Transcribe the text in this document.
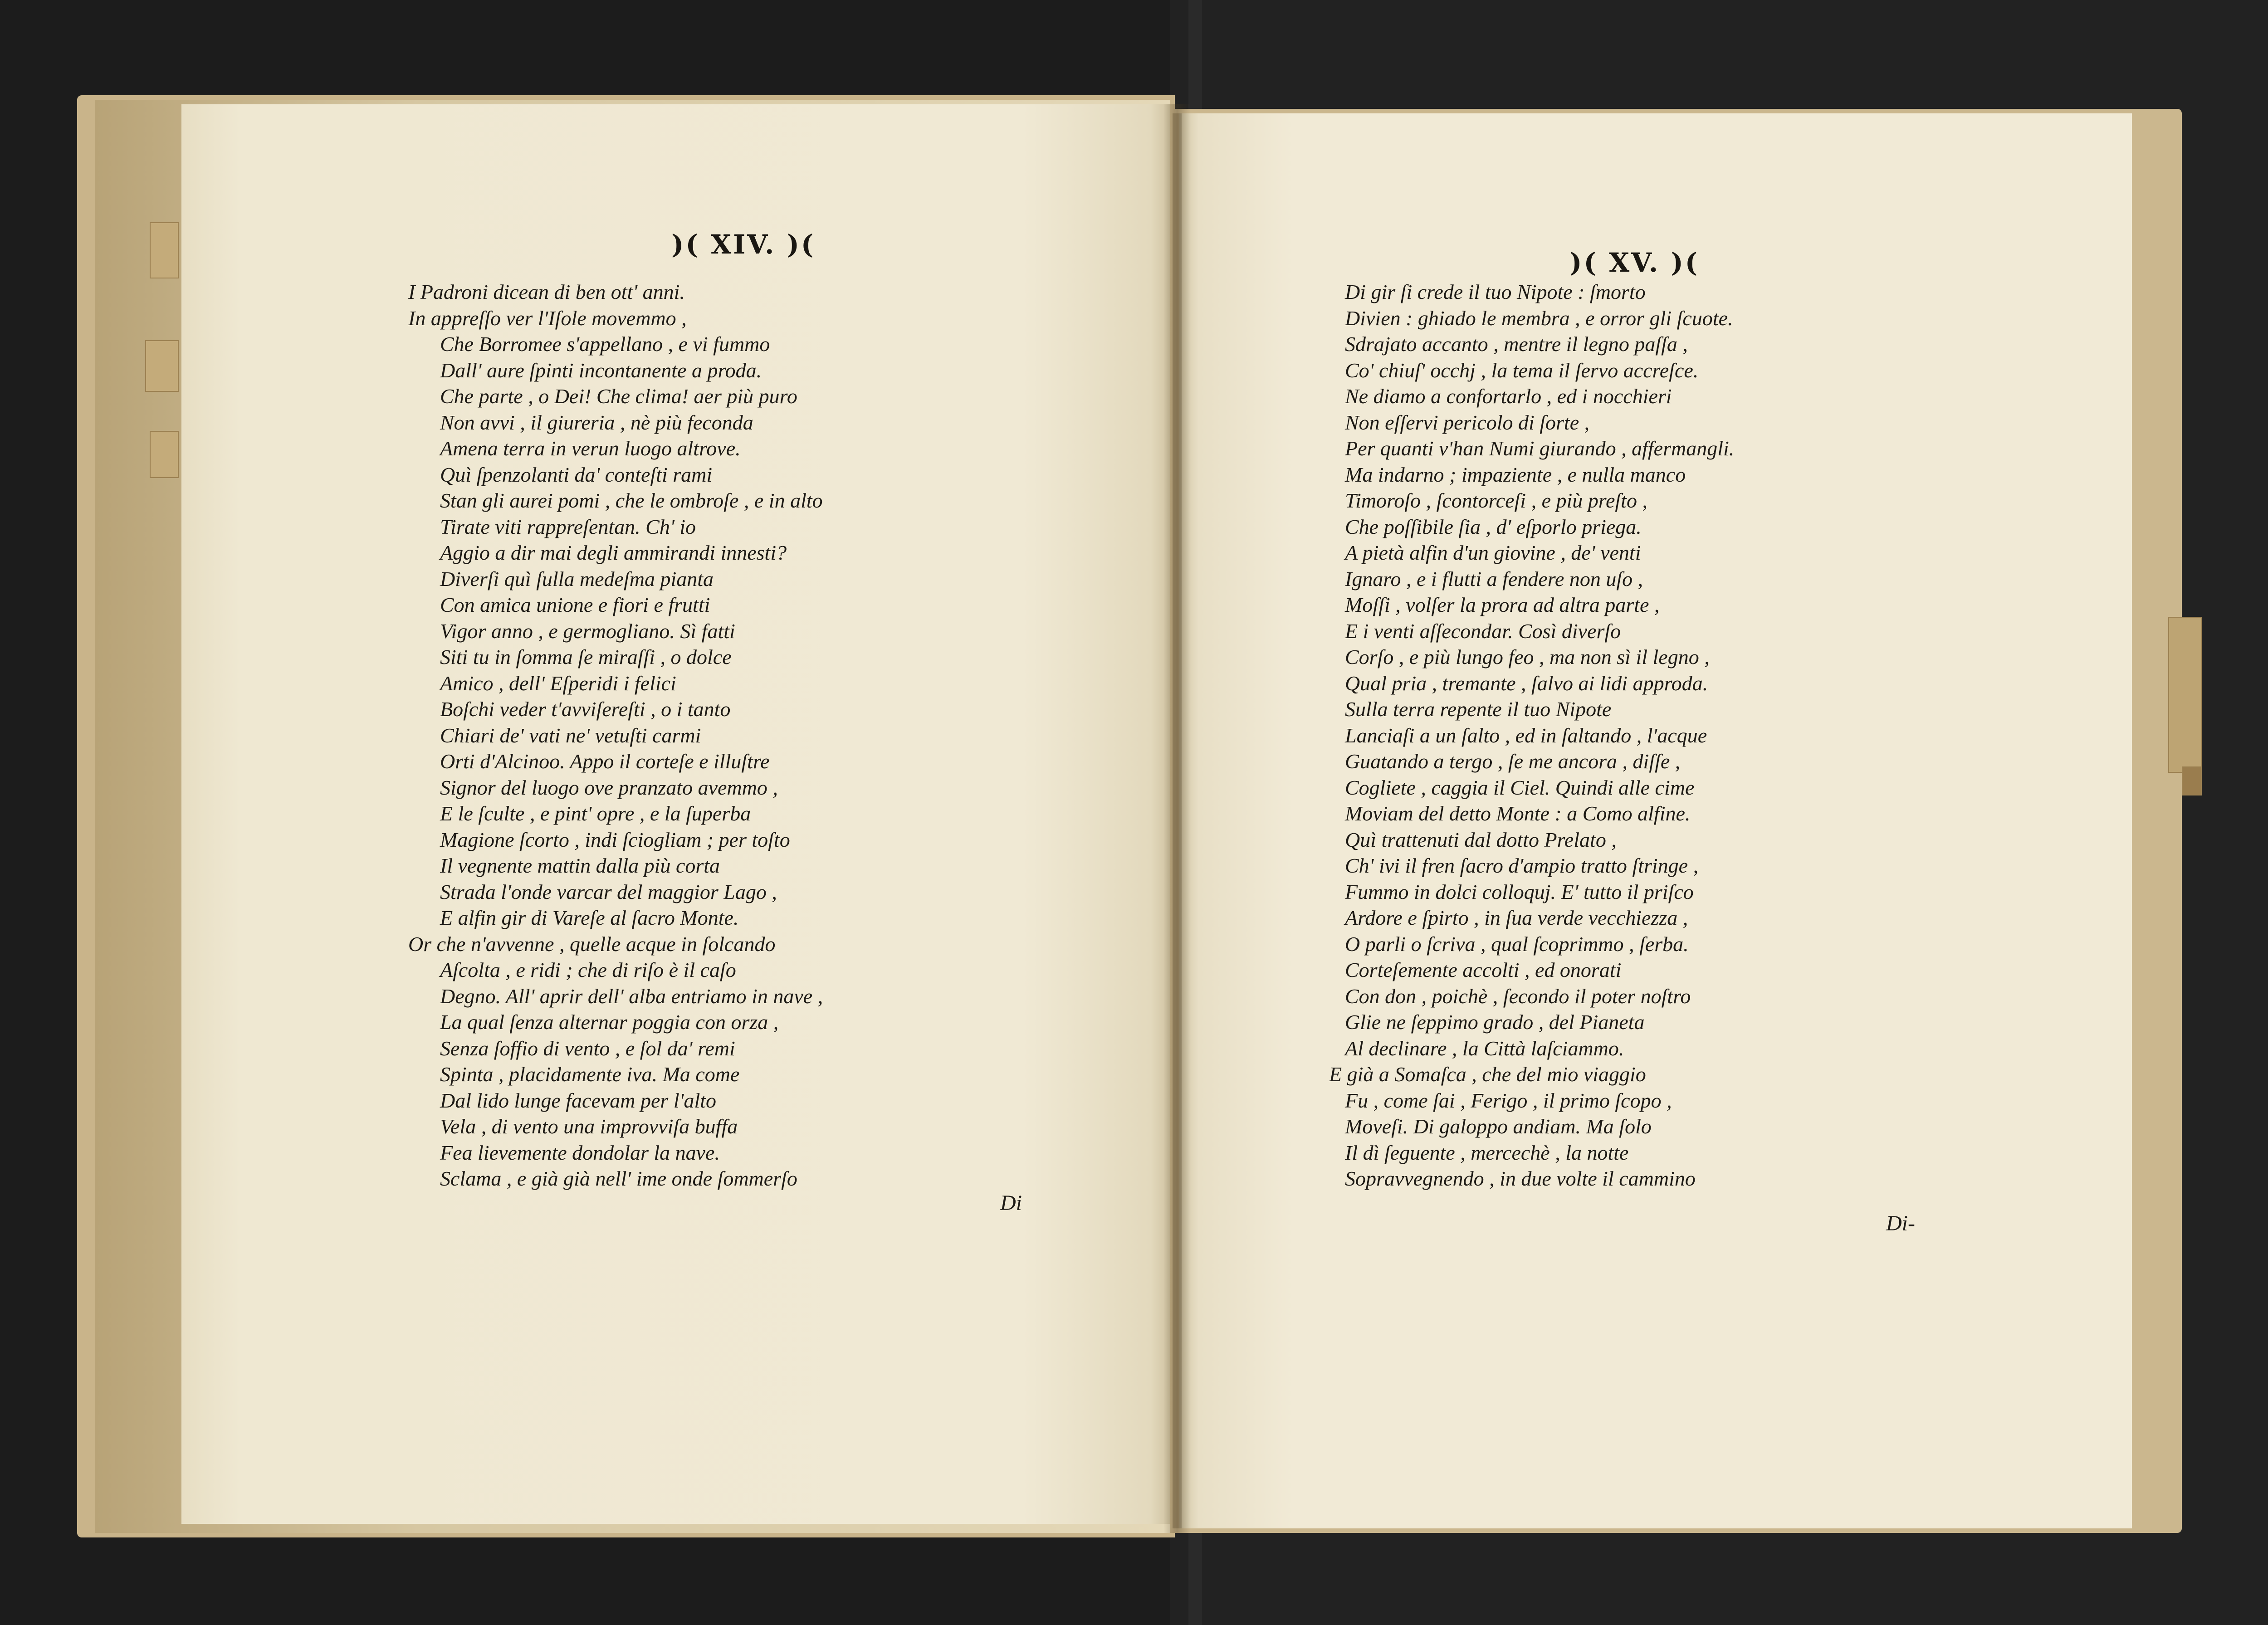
)( XIV. )(
)( XV. )(
I Padroni dicean di ben ott' anni.
In appreſſo ver l'Iſole movemmo ,
Che Borromee s'appellano , e vi fummo
Dall' aure ſpinti incontanente a proda.
Che parte , o Dei! Che clima! aer più puro
Non avvi , il giureria , nè più feconda
Amena terra in verun luogo altrove.
Quì ſpenzolanti da' conteſti rami
Stan gli aurei pomi , che le ombroſe , e in alto
Tirate viti rappreſentan. Ch' io
Aggio a dir mai degli ammirandi innesti?
Diverſi quì ſulla medeſma pianta
Con amica unione e fiori e frutti
Vigor anno , e germogliano. Sì fatti
Siti tu in ſomma ſe miraſſi , o dolce
Amico , dell' Eſperidi i felici
Boſchi veder t'avviſereſti , o i tanto
Chiari de' vati ne' vetuſti carmi
Orti d'Alcinoo. Appo il corteſe e illuſtre
Signor del luogo ove pranzato avemmo ,
E le ſculte , e pint' opre , e la ſuperba
Magione ſcorto , indi ſciogliam ; per toſto
Il vegnente mattin dalla più corta
Strada l'onde varcar del maggior Lago ,
E alfin gir di Vareſe al ſacro Monte.
Or che n'avvenne , quelle acque in ſolcando
Aſcolta , e ridi ; che di riſo è il caſo
Degno. All' aprir dell' alba entriamo in nave ,
La qual ſenza alternar poggia con orza ,
Senza ſoffio di vento , e ſol da' remi
Spinta , placidamente iva. Ma come
Dal lido lunge facevam per l'alto
Vela , di vento una improvviſa buffa
Fea lievemente dondolar la nave.
Sclama , e già già nell' ime onde ſommerſo
Di gir ſi crede il tuo Nipote : ſmorto
Divien : ghiado le membra , e orror gli ſcuote.
Sdrajato accanto , mentre il legno paſſa ,
Co' chiuſ' occhj , la tema il ſervo accreſce.
Ne diamo a confortarlo , ed i nocchieri
Non eſſervi pericolo di ſorte ,
Per quanti v'han Numi giurando , affermangli.
Ma indarno ; impaziente , e nulla manco
Timoroſo , ſcontorceſi , e più preſto ,
Che poſſibile ſia , d' eſporlo priega.
A pietà alfin d'un giovine , de' venti
Ignaro , e i flutti a fendere non uſo ,
Moſſi , volſer la prora ad altra parte ,
E i venti aſſecondar. Così diverſo
Corſo , e più lungo feo , ma non sì il legno ,
Qual pria , tremante , ſalvo ai lidi approda.
Sulla terra repente il tuo Nipote
Lanciaſi a un ſalto , ed in ſaltando , l'acque
Guatando a tergo , ſe me ancora , diſſe ,
Cogliete , caggia il Ciel. Quindi alle cime
Moviam del detto Monte : a Como alfine.
Quì trattenuti dal dotto Prelato ,
Ch' ivi il fren ſacro d'ampio tratto ſtringe ,
Fummo in dolci colloquj. E' tutto il priſco
Ardore e ſpirto , in ſua verde vecchiezza ,
O parli o ſcriva , qual ſcoprimmo , ſerba.
Corteſemente accolti , ed onorati
Con don , poichè , ſecondo il poter noſtro
Glie ne ſeppimo grado , del Pianeta
Al declinare , la Città laſciammo.
E già a Somaſca , che del mio viaggio
Fu , come ſai , Ferigo , il primo ſcopo ,
Moveſi. Di galoppo andiam. Ma ſolo
Il dì ſeguente , mercechè , la notte
Sopravvegnendo , in due volte il cammino
Di
Di-
